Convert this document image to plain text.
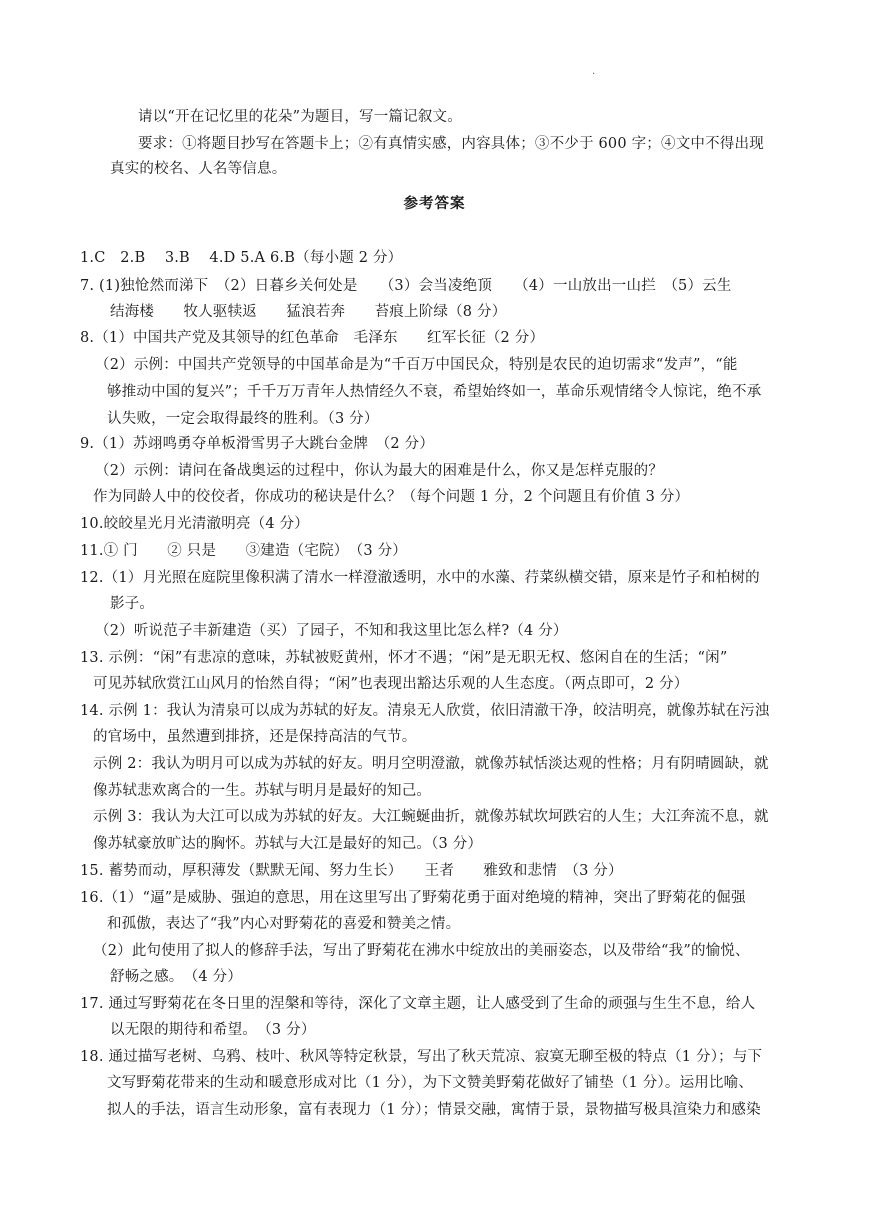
.
请以“开在记忆里的花朵”为题目，写一篇记叙文。
要求：①将题目抄写在答题卡上；②有真情实感，内容具体；③不少于 600 字；④文中不得出现
真实的校名、人名等信息。
参考答案
1.C　2.B　 3.B　 4.D 5.A 6.B（每小题 2 分）
7. (1)独怆然而涕下　（2）日暮乡关何处是　　（3）会当凌绝顶　　（4）一山放出一山拦　（5）云生
结海楼　　牧人驱犊返　　猛浪若奔　　苔痕上阶绿（8 分）
8.（1）中国共产党及其领导的红色革命　毛泽东　　红军长征（2 分）
（2）示例：中国共产党领导的中国革命是为“千百万中国民众，特别是农民的迫切需求“发声”，“能
够推动中国的复兴”；千千万万青年人热情经久不衰，希望始终如一，革命乐观情绪令人惊诧，绝不承
认失败，一定会取得最终的胜利。（3 分）
9.（1）苏翊鸣勇夺单板滑雪男子大跳台金牌　（2 分）
（2）示例：请问在备战奥运的过程中，你认为最大的困难是什么，你又是怎样克服的？
作为同龄人中的佼佼者，你成功的秘诀是什么？（每个问题 1 分，2 个问题且有价值 3 分）
10.皎皎星光月光清澈明亮（4 分）
11.① 门　　② 只是　　③建造（宅院）　（3 分）
12.（1）月光照在庭院里像积满了清水一样澄澈透明，水中的水藻、荇菜纵横交错，原来是竹子和柏树的
影子。
（2）听说范子丰新建造（买）了园子，不知和我这里比怎么样?（4 分）
13. 示例：“闲”有悲凉的意味，苏轼被贬黄州，怀才不遇；“闲”是无职无权、悠闲自在的生活；“闲”
可见苏轼欣赏江山风月的怡然自得；“闲”也表现出豁达乐观的人生态度。（两点即可，2 分）
14. 示例 1：我认为清泉可以成为苏轼的好友。清泉无人欣赏，依旧清澈干净，皎洁明亮，就像苏轼在污浊
的官场中，虽然遭到排挤，还是保持高洁的气节。
示例 2：我认为明月可以成为苏轼的好友。明月空明澄澈，就像苏轼恬淡达观的性格；月有阴晴圆缺，就
像苏轼悲欢离合的一生。苏轼与明月是最好的知己。
示例 3：我认为大江可以成为苏轼的好友。大江蜿蜒曲折，就像苏轼坎坷跌宕的人生；大江奔流不息，就
像苏轼豪放旷达的胸怀。苏轼与大江是最好的知己。（3 分）
15. 蓄势而动，厚积薄发（默默无闻、努力生长）　　王者　　雅致和悲情　（3 分）
16.（1）“逼”是威胁、强迫的意思，用在这里写出了野菊花勇于面对绝境的精神，突出了野菊花的倔强
和孤傲，表达了“我”内心对野菊花的喜爱和赞美之情。
（2）此句使用了拟人的修辞手法，写出了野菊花在沸水中绽放出的美丽姿态，以及带给“我”的愉悦、
舒畅之感。　（4 分）
17. 通过写野菊花在冬日里的涅槃和等待，深化了文章主题，让人感受到了生命的顽强与生生不息，给人
以无限的期待和希望。　（3 分）
18. 通过描写老树、乌鸦、枝叶、秋风等特定秋景，写出了秋天荒凉、寂寞无聊至极的特点（1 分）；与下
文写野菊花带来的生动和暖意形成对比（1 分），为下文赞美野菊花做好了铺垫（1 分）。运用比喻、
拟人的手法，语言生动形象，富有表现力（1 分）；情景交融，寓情于景，景物描写极具渲染力和感染
